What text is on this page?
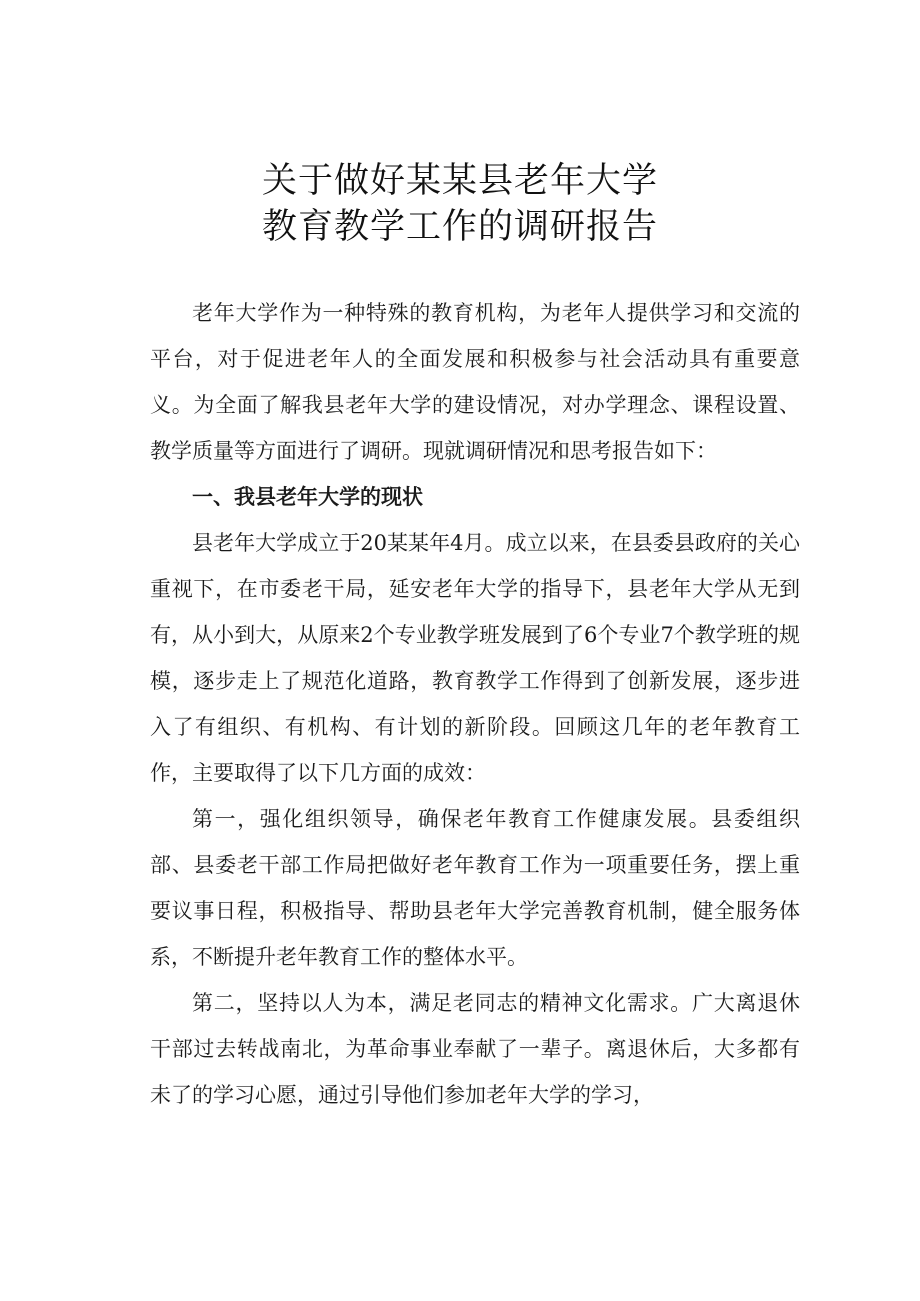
关于做好某某县老年大学
教育教学工作的调研报告

老年大学作为一种特殊的教育机构，为老年人提供学习和交流的平台，对于促进老年人的全面发展和积极参与社会活动具有重要意义。为全面了解我县老年大学的建设情况，对办学理念、课程设置、教学质量等方面进行了调研。现就调研情况和思考报告如下：

一、我县老年大学的现状

县老年大学成立于20某某年4月。成立以来，在县委县政府的关心重视下，在市委老干局，延安老年大学的指导下，县老年大学从无到有，从小到大，从原来2个专业教学班发展到了6个专业7个教学班的规模，逐步走上了规范化道路，教育教学工作得到了创新发展，逐步进入了有组织、有机构、有计划的新阶段。回顾这几年的老年教育工作，主要取得了以下几方面的成效：

第一，强化组织领导，确保老年教育工作健康发展。县委组织部、县委老干部工作局把做好老年教育工作为一项重要任务，摆上重要议事日程，积极指导、帮助县老年大学完善教育机制，健全服务体系，不断提升老年教育工作的整体水平。

第二，坚持以人为本，满足老同志的精神文化需求。广大离退休干部过去转战南北，为革命事业奉献了一辈子。离退休后，大多都有未了的学习心愿，通过引导他们参加老年大学的学习，
